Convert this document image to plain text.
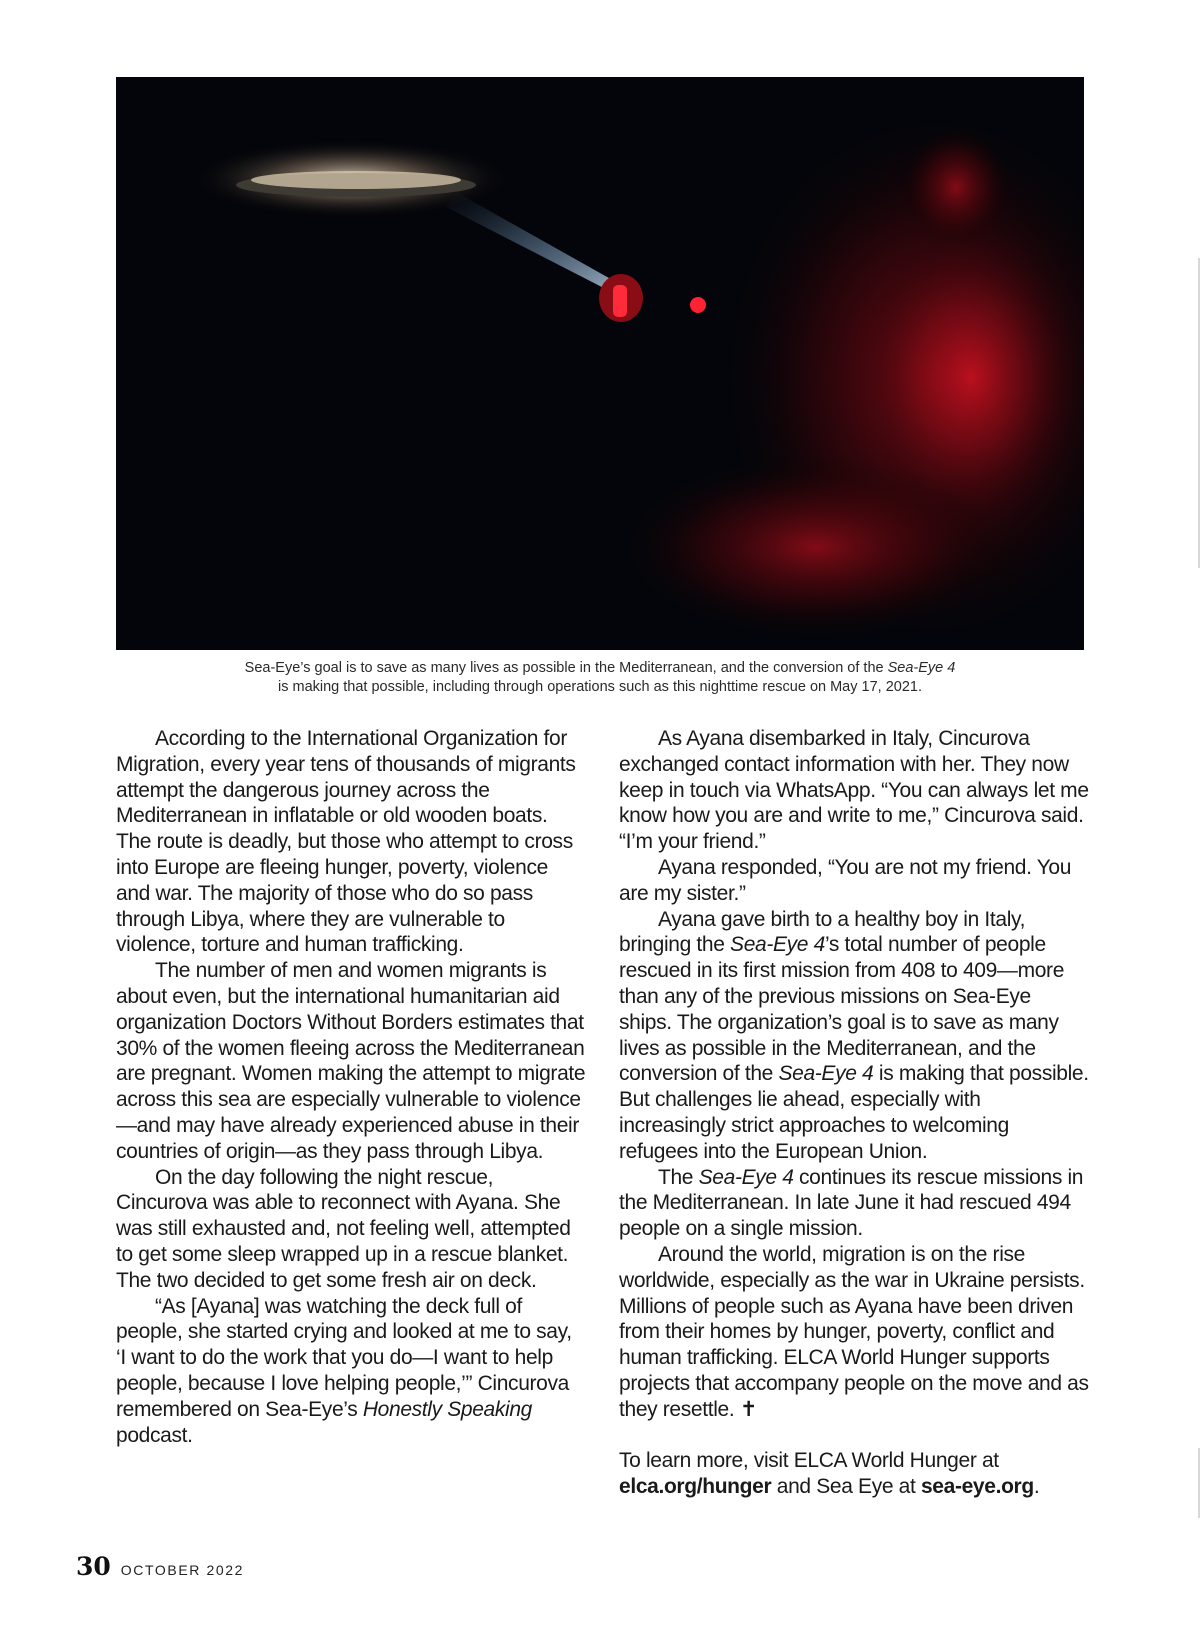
Sea-Eye’s goal is to save as many lives as possible in the Mediterranean, and the conversion of the Sea-Eye 4
is making that possible, including through operations such as this nighttime rescue on May 17, 2021.

According to the International Organization for Migration, every year tens of thousands of migrants attempt the dangerous journey across the Mediterranean in inflatable or old wooden boats. The route is deadly, but those who attempt to cross into Europe are fleeing hunger, poverty, violence and war. The majority of those who do so pass through Libya, where they are vulnerable to violence, torture and human trafficking.

The number of men and women migrants is about even, but the international humanitarian aid organization Doctors Without Borders estimates that 30% of the women fleeing across the Mediterranean are pregnant. Women making the attempt to migrate across this sea are especially vulnerable to violence—and may have already experienced abuse in their countries of origin—as they pass through Libya.

On the day following the night rescue, Cincurova was able to reconnect with Ayana. She was still exhausted and, not feeling well, attempted to get some sleep wrapped up in a rescue blanket. The two decided to get some fresh air on deck.

“As [Ayana] was watching the deck full of people, she started crying and looked at me to say, ‘I want to do the work that you do—I want to help people, because I love helping people,’” Cincurova remembered on Sea-Eye’s Honestly Speaking podcast.

As Ayana disembarked in Italy, Cincurova exchanged contact information with her. They now keep in touch via WhatsApp. “You can always let me know how you are and write to me,” Cincurova said. “I’m your friend.”

Ayana responded, “You are not my friend. You are my sister.”

Ayana gave birth to a healthy boy in Italy, bringing the Sea-Eye 4’s total number of people rescued in its first mission from 408 to 409—more than any of the previous missions on Sea-Eye ships. The organization’s goal is to save as many lives as possible in the Mediterranean, and the conversion of the Sea-Eye 4 is making that possible. But challenges lie ahead, especially with increasingly strict approaches to welcoming refugees into the European Union.

The Sea-Eye 4 continues its rescue missions in the Mediterranean. In late June it had rescued 494 people on a single mission.

Around the world, migration is on the rise worldwide, especially as the war in Ukraine persists. Millions of people such as Ayana have been driven from their homes by hunger, poverty, conflict and human trafficking. ELCA World Hunger supports projects that accompany people on the move and as they resettle. ✝

To learn more, visit ELCA World Hunger at elca.org/hunger and Sea Eye at sea-eye.org.

30 OCTOBER 2022
